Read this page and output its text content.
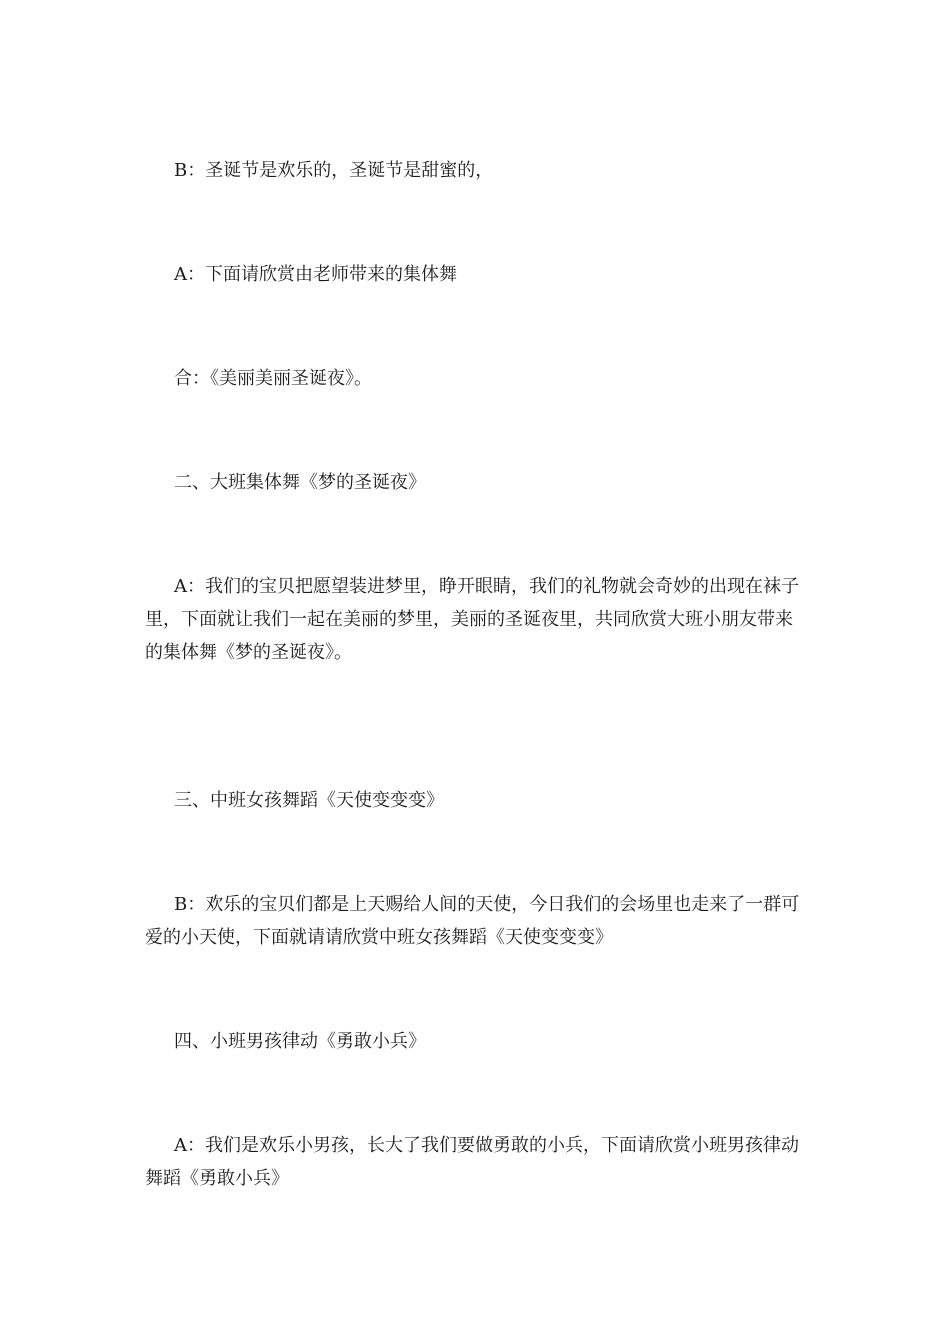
B：圣诞节是欢乐的，圣诞节是甜蜜的，

A：下面请欣赏由老师带来的集体舞

合：《美丽美丽圣诞夜》。

二、大班集体舞《梦的圣诞夜》

A：我们的宝贝把愿望装进梦里，睁开眼睛，我们的礼物就会奇妙的出现在袜子里，下面就让我们一起在美丽的梦里，美丽的圣诞夜里，共同欣赏大班小朋友带来的集体舞《梦的圣诞夜》。

三、中班女孩舞蹈《天使变变变》

B：欢乐的宝贝们都是上天赐给人间的天使，今日我们的会场里也走来了一群可爱的小天使，下面就请请欣赏中班女孩舞蹈《天使变变变》

四、小班男孩律动《勇敢小兵》

A：我们是欢乐小男孩，长大了我们要做勇敢的小兵，下面请欣赏小班男孩律动舞蹈《勇敢小兵》
